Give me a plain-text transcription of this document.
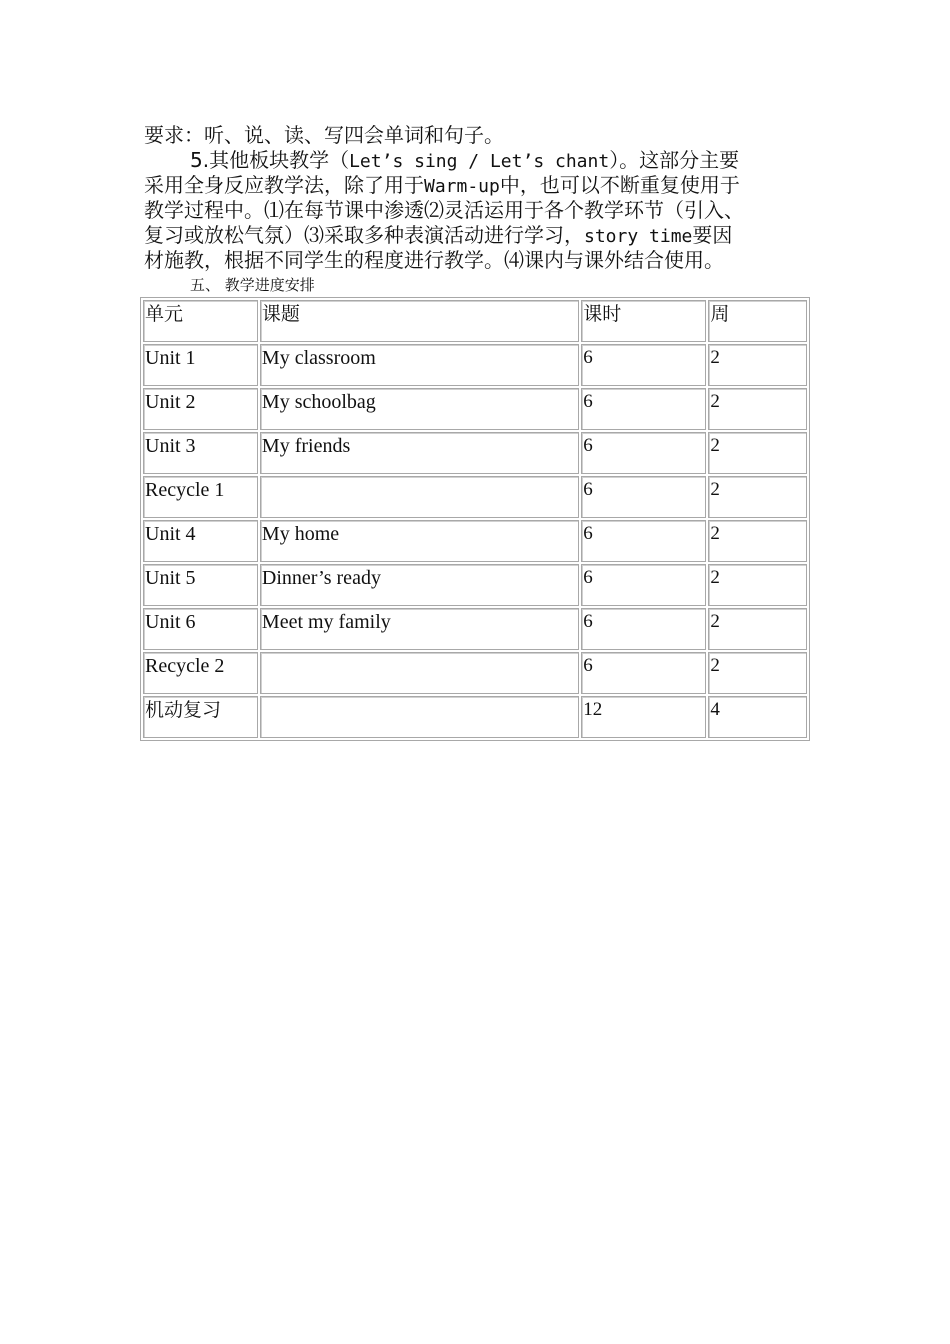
要求：听、说、读、写四会单词和句子。

5.其他板块教学（Let’s sing / Let’s chant）。这部分主要

采用全身反应教学法，除了用于Warm-up中，也可以不断重复使用于

教学过程中。⑴在每节课中渗透⑵灵活运用于各个教学环节（引入、

复习或放松气氛）⑶采取多种表演活动进行学习，story time要因

材施教，根据不同学生的程度进行教学。⑷课内与课外结合使用。

五、 教学进度安排
单元	课题	课时	周
Unit 1	My classroom	6	2
Unit 2	My schoolbag	6	2
Unit 3	My friends	6	2
Recycle 1		6	2
Unit 4	My home	6	2
Unit 5	Dinner’s ready	6	2
Unit 6	Meet my family	6	2
Recycle 2		6	2
机动复习		12	4
